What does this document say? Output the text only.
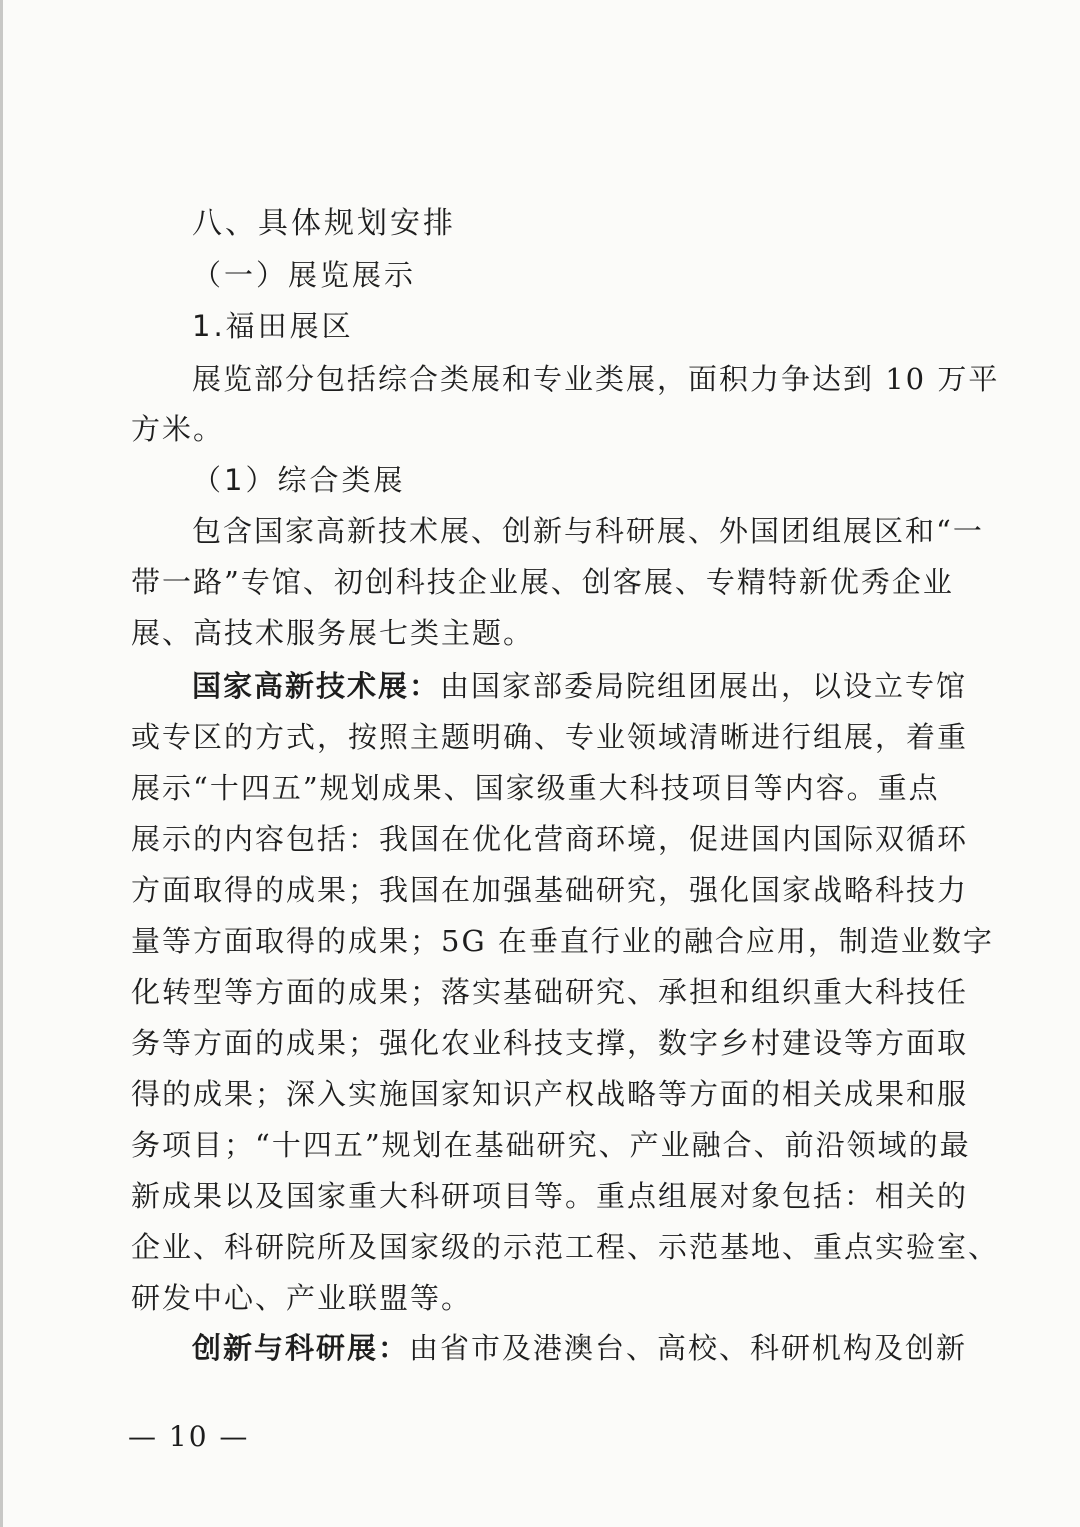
八、具体规划安排
（一）展览展示
1.福田展区
展览部分包括综合类展和专业类展，面积力争达到 10 万平
方米。
（1）综合类展
包含国家高新技术展、创新与科研展、外国团组展区和“一
带一路”专馆、初创科技企业展、创客展、专精特新优秀企业
展、高技术服务展七类主题。
国家高新技术展： 由国家部委局院组团展出，以设立专馆
或专区的方式，按照主题明确、专业领域清晰进行组展，着重
展示“十四五”规划成果、国家级重大科技项目等内容。重点
展示的内容包括：我国在优化营商环境，促进国内国际双循环
方面取得的成果；我国在加强基础研究，强化国家战略科技力
量等方面取得的成果；5G 在垂直行业的融合应用，制造业数字
化转型等方面的成果；落实基础研究、承担和组织重大科技任
务等方面的成果；强化农业科技支撑，数字乡村建设等方面取
得的成果；深入实施国家知识产权战略等方面的相关成果和服
务项目；“十四五”规划在基础研究、产业融合、前沿领域的最
新成果以及国家重大科研项目等。重点组展对象包括：相关的
企业、科研院所及国家级的示范工程、示范基地、重点实验室、
研发中心、产业联盟等。
创新与科研展： 由省市及港澳台、高校、科研机构及创新
— 10 —
